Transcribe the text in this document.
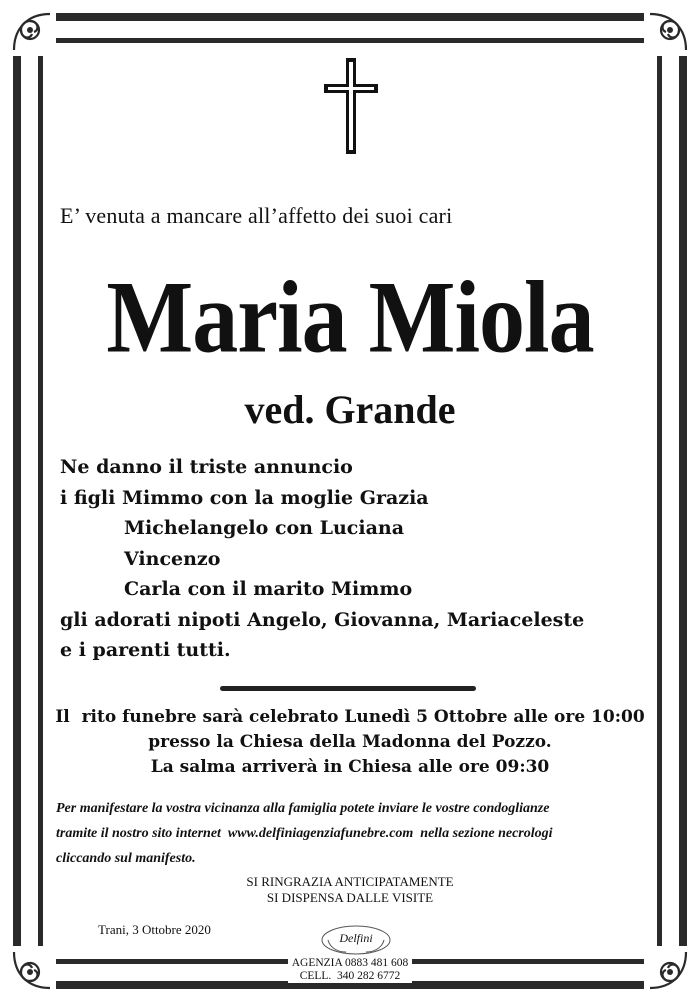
E’ venuta a mancare all’affetto dei suoi cari
Maria Miola
ved. Grande
Ne danno il triste annuncio
i figli Mimmo con la moglie Grazia
Michelangelo con Luciana
Vincenzo
Carla con il marito Mimmo
gli adorati nipoti Angelo, Giovanna, Mariaceleste
e i parenti tutti.
Il  rito funebre sarà celebrato Lunedì 5 Ottobre alle ore 10:00
presso la Chiesa della Madonna del Pozzo.
La salma arriverà in Chiesa alle ore 09:30
Per manifestare la vostra vicinanza alla famiglia potete inviare le vostre condoglianze
tramite il nostro sito internet  www.delfiniagenziafunebre.com  nella sezione necrologi
cliccando sul manifesto.
SI RINGRAZIA ANTICIPATAMENTE
SI DISPENSA DALLE VISITE
Trani, 3 Ottobre 2020
Delfini
AGENZIA 0883 481 608
CELL.  340 282 6772
